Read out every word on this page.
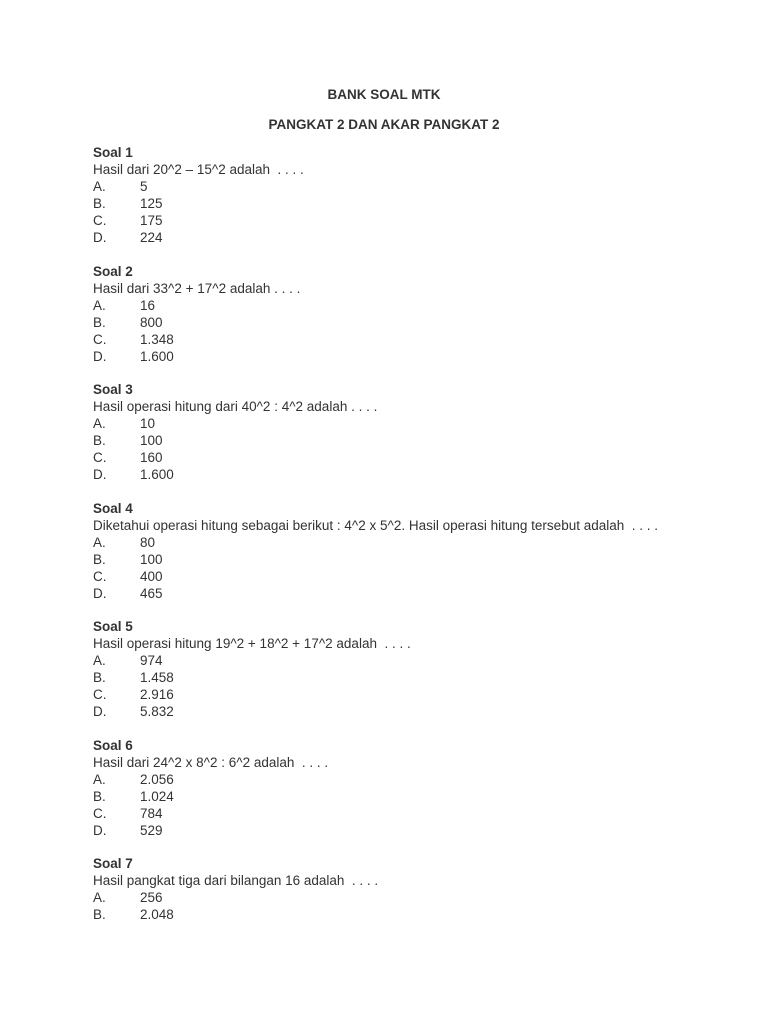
BANK SOAL MTK
PANGKAT 2 DAN AKAR PANGKAT 2
Soal 1
Hasil dari 20^2 – 15^2 adalah  . . . .
A.	5
B.	125
C.	175
D.	224
Soal 2
Hasil dari 33^2 + 17^2 adalah . . . .
A.	16
B.	800
C.	1.348
D.	1.600
Soal 3
Hasil operasi hitung dari 40^2 : 4^2 adalah . . . .
A.	10
B.	100
C.	160
D.	1.600
Soal 4
Diketahui operasi hitung sebagai berikut : 4^2 x 5^2. Hasil operasi hitung tersebut adalah  . . . .
A.	80
B.	100
C.	400
D.	465
Soal 5
Hasil operasi hitung 19^2 + 18^2 + 17^2 adalah  . . . .
A.	974
B.	1.458
C.	2.916
D.	5.832
Soal 6
Hasil dari 24^2 x 8^2 : 6^2 adalah  . . . .
A.	2.056
B.	1.024
C.	784
D.	529
Soal 7
Hasil pangkat tiga dari bilangan 16 adalah  . . . .
A.	256
B.	2.048
